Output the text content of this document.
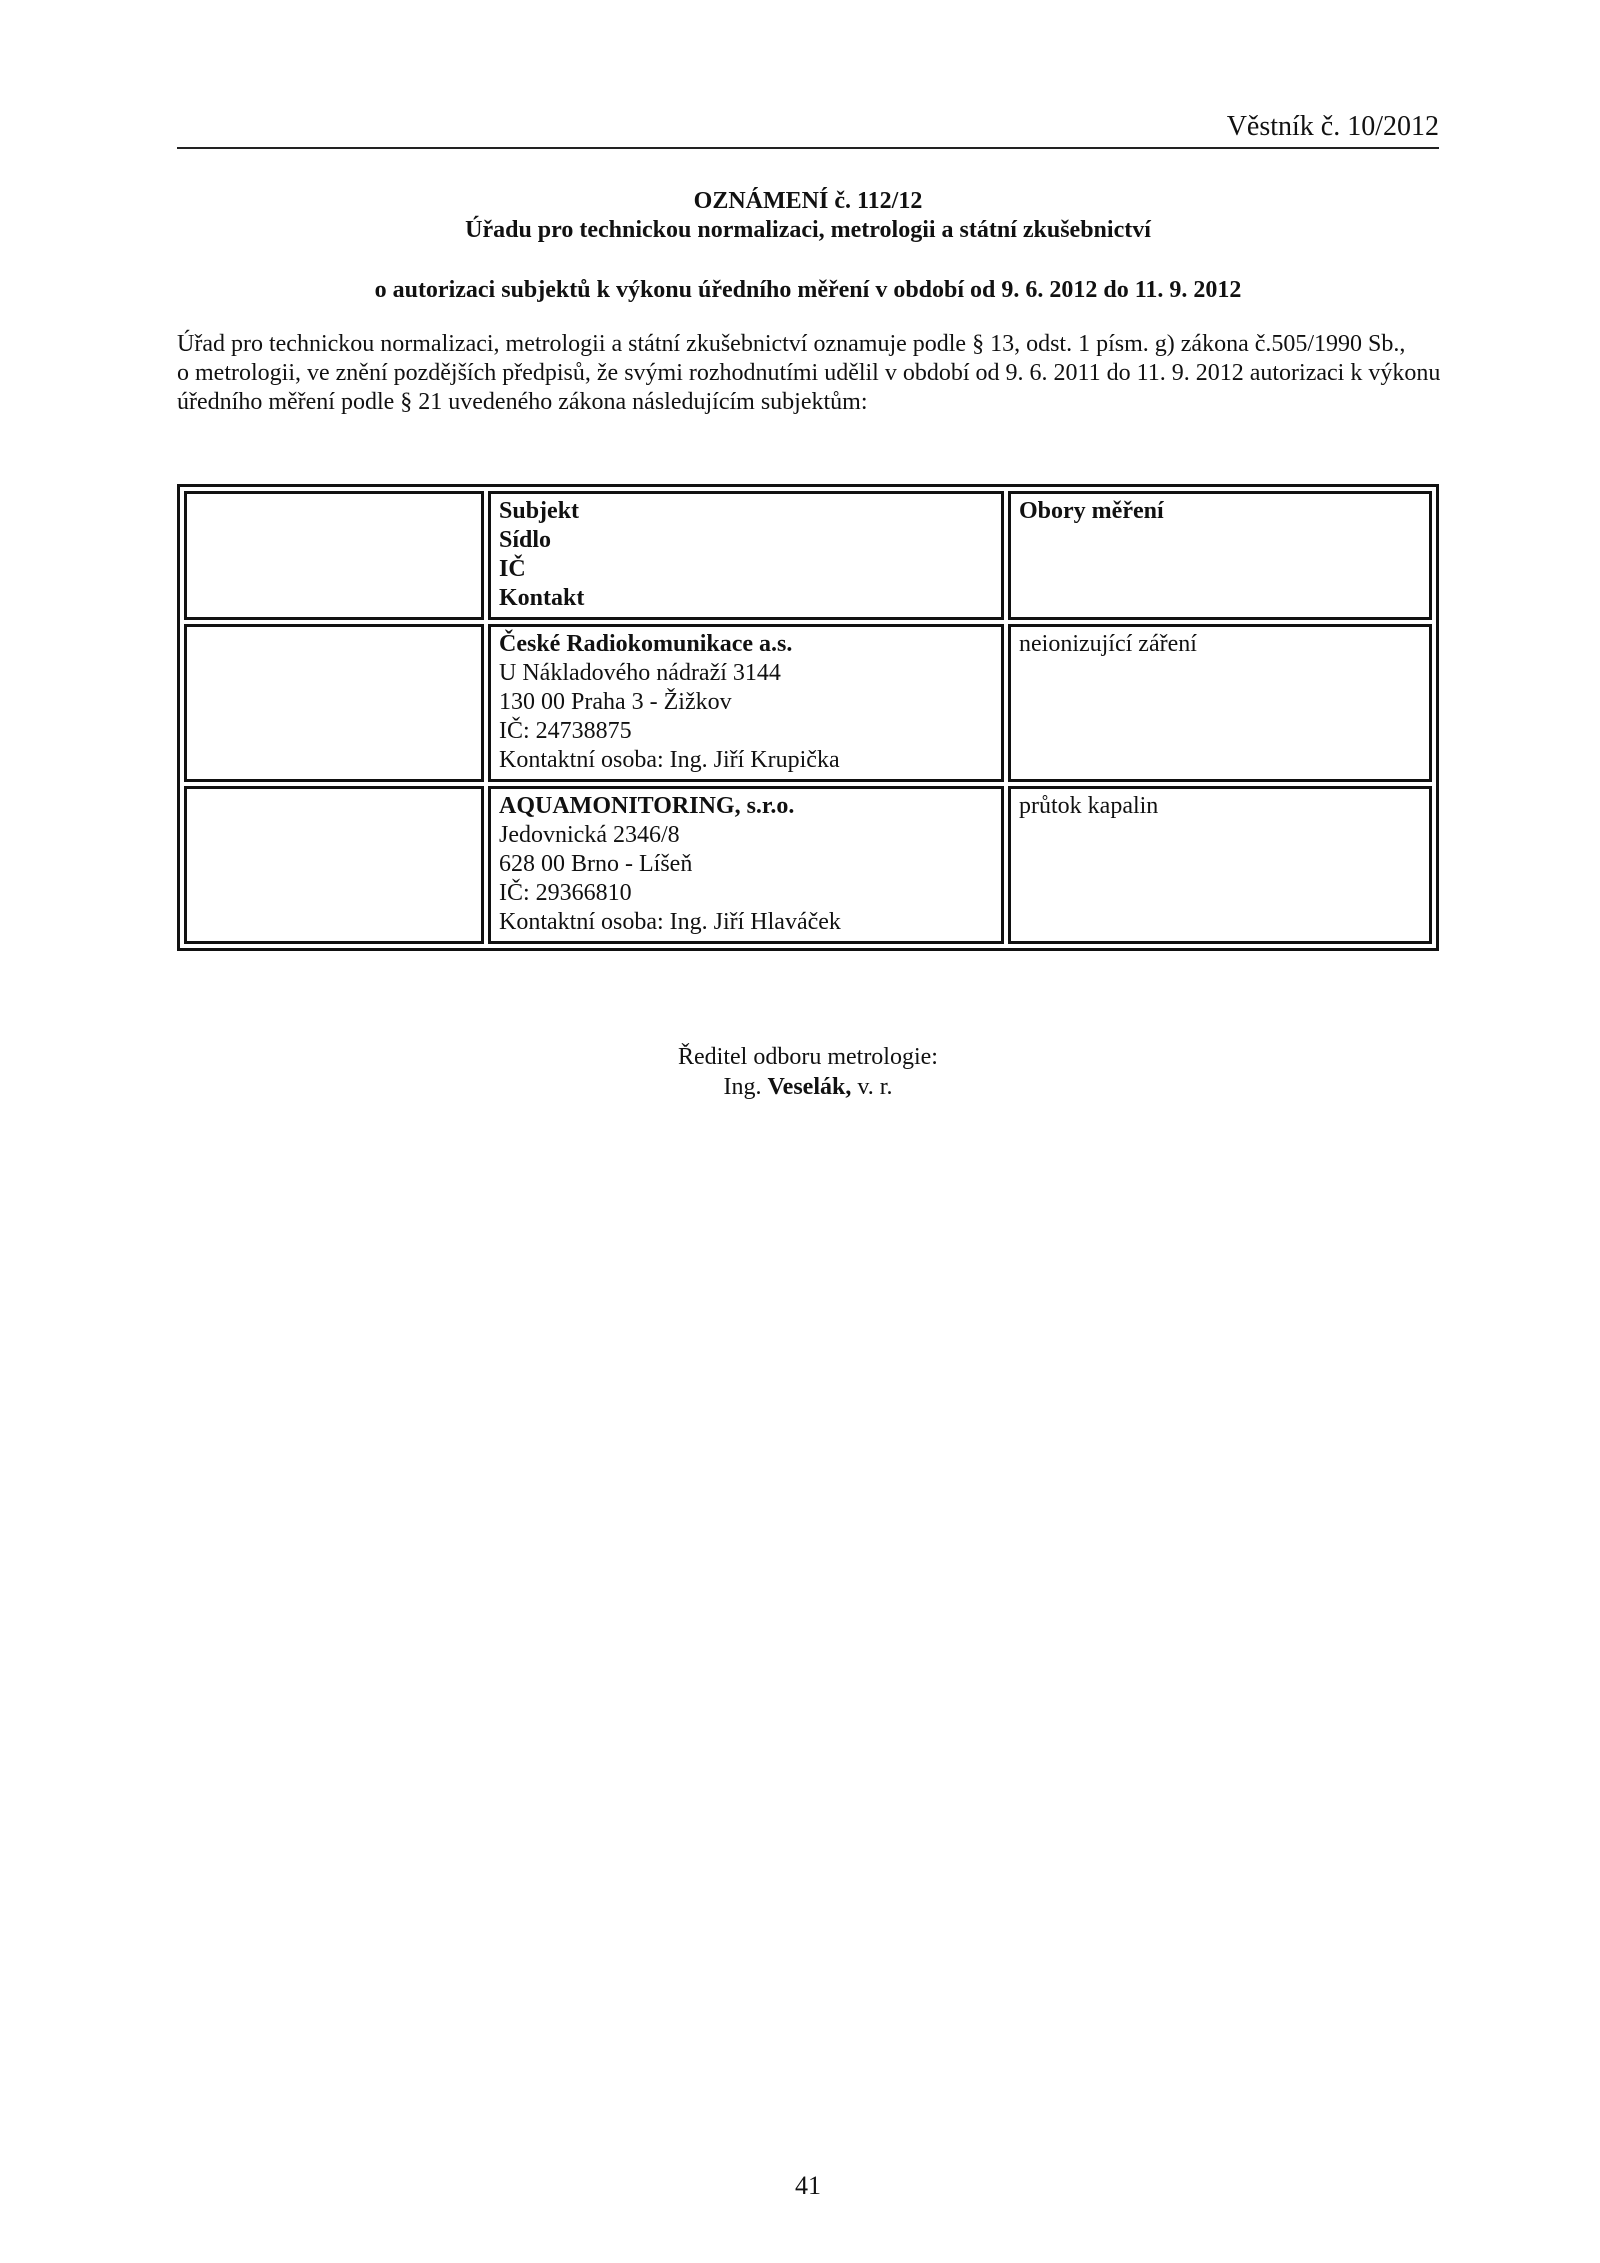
Věstník č. 10/2012
OZNÁMENÍ č. 112/12
Úřadu pro technickou normalizaci, metrologii a státní zkušebnictví
o autorizaci subjektů k výkonu úředního měření v období od 9. 6. 2012 do 11. 9. 2012

Úřad pro technickou normalizaci, metrologii a státní zkušebnictví oznamuje podle § 13, odst. 1 písm. g) zákona č.505/1990 Sb.,

o metrologii, ve znění pozdějších předpisů, že svými rozhodnutími udělil v období od 9. 6. 2011 do 11. 9. 2012 autorizaci k výkonu

úředního měření podle § 21 uvedeného zákona následujícím subjektům:

	Subjekt
Sídlo
IČ
Kontakt	Obory měření

	České Radiokomunikace a.s.
U Nákladového nádraží 3144
130 00 Praha 3 - Žižkov
IČ: 24738875
Kontaktní osoba: Ing. Jiří Krupička	neionizující záření

	AQUAMONITORING, s.r.o.
Jedovnická 2346/8
628 00 Brno - Líšeň
IČ: 29366810
Kontaktní osoba: Ing. Jiří Hlaváček	průtok kapalin
Ředitel odboru metrologie:
Ing. Veselák, v. r.
41
